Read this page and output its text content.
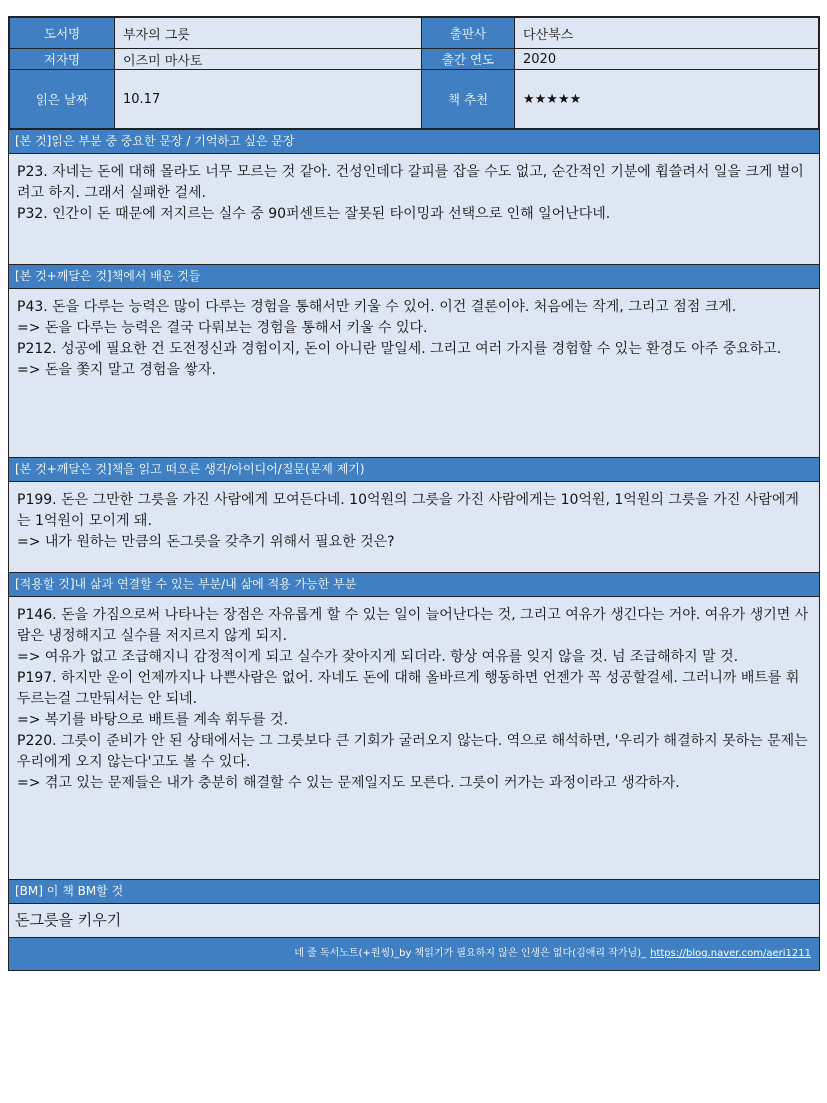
도서명	부자의 그릇	출판사	다산북스
저자명	이즈미 마사토	출간 연도	2020
읽은 날짜	10.17	책 추천	★★★★★
[본 것]읽은 부분 중 중요한 문장 / 기억하고 싶은 문장

P23. 자네는 돈에 대해 몰라도 너무 모르는 것 같아. 건성인데다 갈피를 잡을 수도 없고, 순간적인 기분에 휩쓸려서 일을 크게 벌이려고 하지. 그래서 실패한 걸세.

P32. 인간이 돈 때문에 저지르는 실수 중 90퍼센트는 잘못된 타이밍과 선택으로 인해 일어난다네.

[본 것+깨달은 것]책에서 배운 것들

P43. 돈을 다루는 능력은 많이 다루는 경험을 통해서만 키울 수 있어. 이건 결론이야. 처음에는 작게, 그리고 점점 크게.

=> 돈을 다루는 능력은 결국 다뤄보는 경험을 통해서 키울 수 있다.

P212. 성공에 필요한 건 도전정신과 경험이지, 돈이 아니란 말일세. 그리고 여러 가지를 경험할 수 있는 환경도 아주 중요하고.

=> 돈을 쫓지 말고 경험을 쌓자.

[본 것+깨달은 것]책을 읽고 떠오른 생각/아이디어/질문(문제 제기)

P199. 돈은 그만한 그릇을 가진 사람에게 모여든다네. 10억원의 그릇을 가진 사람에게는 10억원, 1억원의 그릇을 가진 사람에게는 1억원이 모이게 돼.

=> 내가 원하는 만큼의 돈그릇을 갖추기 위해서 필요한 것은?

[적용할 것]내 삶과 연결할 수 있는 부분/내 삶에 적용 가능한 부분

P146. 돈을 가짐으로써 나타나는 장점은 자유롭게 할 수 있는 일이 늘어난다는 것, 그리고 여유가 생긴다는 거야. 여유가 생기면 사람은 냉정해지고 실수를 저지르지 않게 되지.

=> 여유가 없고 조급해지니 감정적이게 되고 실수가 잦아지게 되더라. 항상 여유를 잊지 않을 것. 넘 조급해하지 말 것.

P197. 하지만 운이 언제까지나 나쁜사람은 없어. 자네도 돈에 대해 올바르게 행동하면 언젠가 꼭 성공할걸세. 그러니까 배트를 휘두르는걸 그만둬서는 안 되네.

=> 복기를 바탕으로 배트를 계속 휘두를 것.

P220. 그릇이 준비가 안 된 상태에서는 그 그릇보다 큰 기회가 굴러오지 않는다. 역으로 해석하면, '우리가 해결하지 못하는 문제는 우리에게 오지 않는다'고도 볼 수 있다.

=> 겪고 있는 문제들은 내가 충분히 해결할 수 있는 문제일지도 모른다. 그릇이 커가는 과정이라고 생각하자.

[BM] 이 책 BM할 것
돈그릇을 키우기
네 줄 독서노트(+원씽)_by 책읽기가 필요하지 않은 인생은 없다(김애리 작가님)_ https://blog.naver.com/aeri1211
